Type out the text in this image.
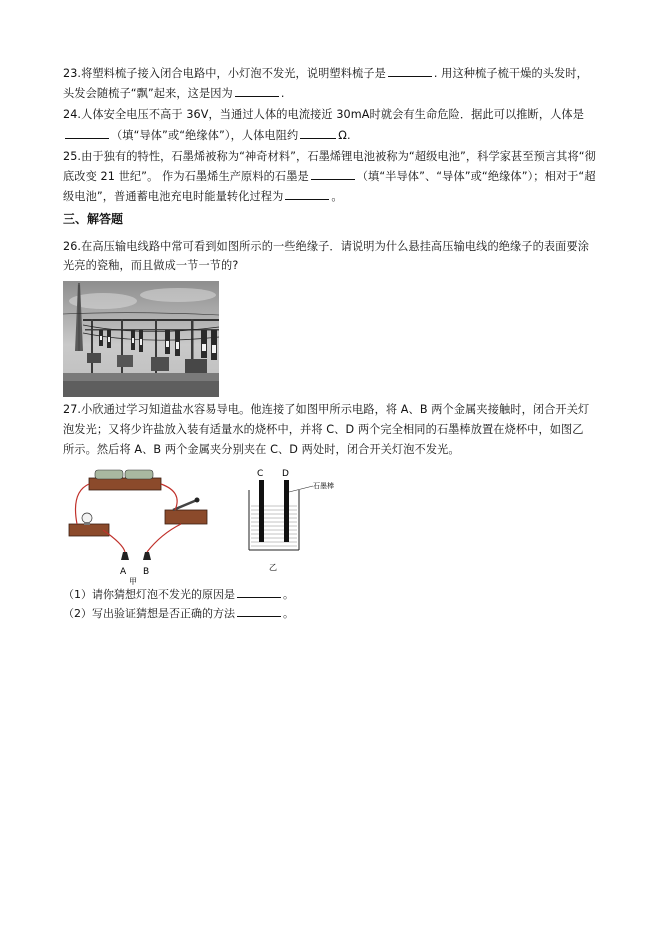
23.将塑料梳子接入闭合电路中，小灯泡不发光，说明塑料梳子是	. 用这种梳子梳干燥的头发时，
头发会随梳子“飘”起来，这是因为	.
24.人体安全电压不高于 36V，当通过人体的电流接近 30mA时就会有生命危险．据此可以推断，人体是
（填“导体”或“绝缘体”），人体电阻约	Ω.
25.由于独有的特性，石墨烯被称为“神奇材料”，石墨烯锂电池被称为“超级电池”，科学家甚至预言其将“彻
底改变 21 世纪”。 作为石墨烯生产原料的石墨是	（填“半导体”、“导体”或“绝缘体”）；相对于“超
级电池”，普通蓄电池充电时能量转化过程为	。
三、解答题
26.在高压输电线路中常可看到如图所示的一些绝缘子．请说明为什么悬挂高压输电线的绝缘子的表面要涂
光亮的瓷釉，而且做成一节一节的?
27.小欣通过学习知道盐水容易导电。他连接了如图甲所示电路，将 A、B 两个金属夹接触时，闭合开关灯
泡发光；又将少许盐放入装有适量水的烧杯中，并将 C、D 两个完全相同的石墨棒放置在烧杯中，如图乙
所示。然后将 A、B 两个金属夹分别夹在 C、D 两处时，闭合开关灯泡不发光。
A B
甲
C D
石墨棒
乙
（1）请你猜想灯泡不发光的原因是	。
（2）写出验证猜想是否正确的方法	。
